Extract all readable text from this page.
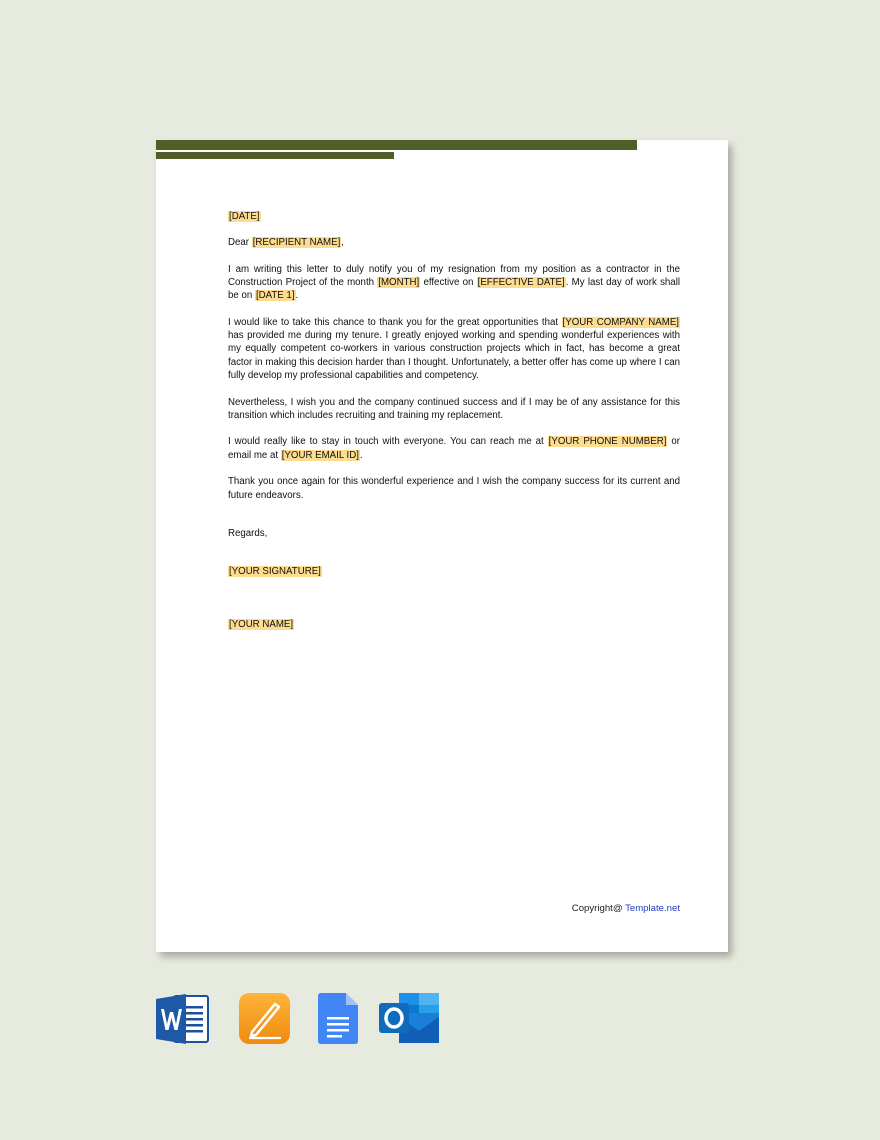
[DATE]

Dear [RECIPIENT NAME],

I am writing this letter to duly notify you of my resignation from my position as a contractor in the Construction Project of the month [MONTH] effective on [EFFECTIVE DATE]. My last day of work shall be on [DATE 1].

I would like to take this chance to thank you for the great opportunities that [YOUR COMPANY NAME] has provided me during my tenure. I greatly enjoyed working and spending wonderful experiences with my equally competent co-workers in various construction projects which in fact, has become a great factor in making this decision harder than I thought. Unfortunately, a better offer has come up where I can fully develop my professional capabilities and competency.

Nevertheless, I wish you and the company continued success and if I may be of any assistance for this transition which includes recruiting and training my replacement.

I would really like to stay in touch with everyone. You can reach me at [YOUR PHONE NUMBER] or email me at [YOUR EMAIL ID].

Thank you once again for this wonderful experience and I wish the company success for its current and future endeavors.

Regards,

[YOUR SIGNATURE]

[YOUR NAME]

Copyright@ Template.net
